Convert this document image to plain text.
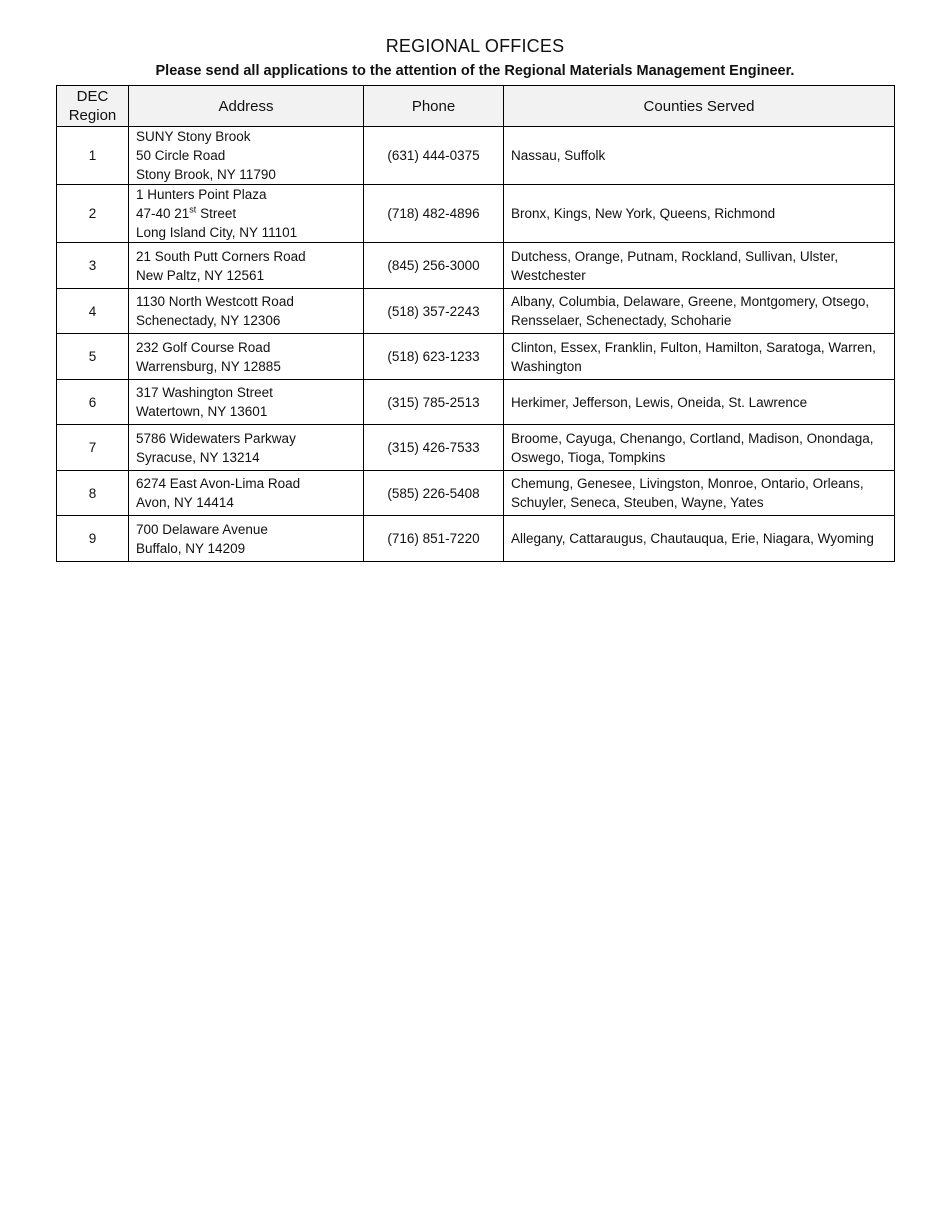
REGIONAL OFFICES
Please send all applications to the attention of the Regional Materials Management Engineer.
DEC
Region	Address	Phone	Counties Served
1	SUNY Stony Brook
50 Circle Road
Stony Brook, NY 11790	(631) 444-0375	Nassau, Suffolk
2	1 Hunters Point Plaza
47-40 21st Street
Long Island City, NY 11101	(718) 482-4896	Bronx, Kings, New York, Queens, Richmond
3	21 South Putt Corners Road
New Paltz, NY 12561	(845) 256-3000	Dutchess, Orange, Putnam, Rockland, Sullivan, Ulster, Westchester
4	1130 North Westcott Road
Schenectady, NY 12306	(518) 357-2243	Albany, Columbia, Delaware, Greene, Montgomery, Otsego, Rensselaer, Schenectady, Schoharie
5	232 Golf Course Road
Warrensburg, NY 12885	(518) 623-1233	Clinton, Essex, Franklin, Fulton, Hamilton, Saratoga, Warren, Washington
6	317 Washington Street
Watertown, NY 13601	(315) 785-2513	Herkimer, Jefferson, Lewis, Oneida, St. Lawrence
7	5786 Widewaters Parkway
Syracuse, NY 13214	(315) 426-7533	Broome, Cayuga, Chenango, Cortland, Madison, Onondaga, Oswego, Tioga, Tompkins
8	6274 East Avon-Lima Road
Avon, NY 14414	(585) 226-5408	Chemung, Genesee, Livingston, Monroe, Ontario, Orleans, Schuyler, Seneca, Steuben, Wayne, Yates
9	700 Delaware Avenue
Buffalo, NY 14209	(716) 851-7220	Allegany, Cattaraugus, Chautauqua, Erie, Niagara, Wyoming
